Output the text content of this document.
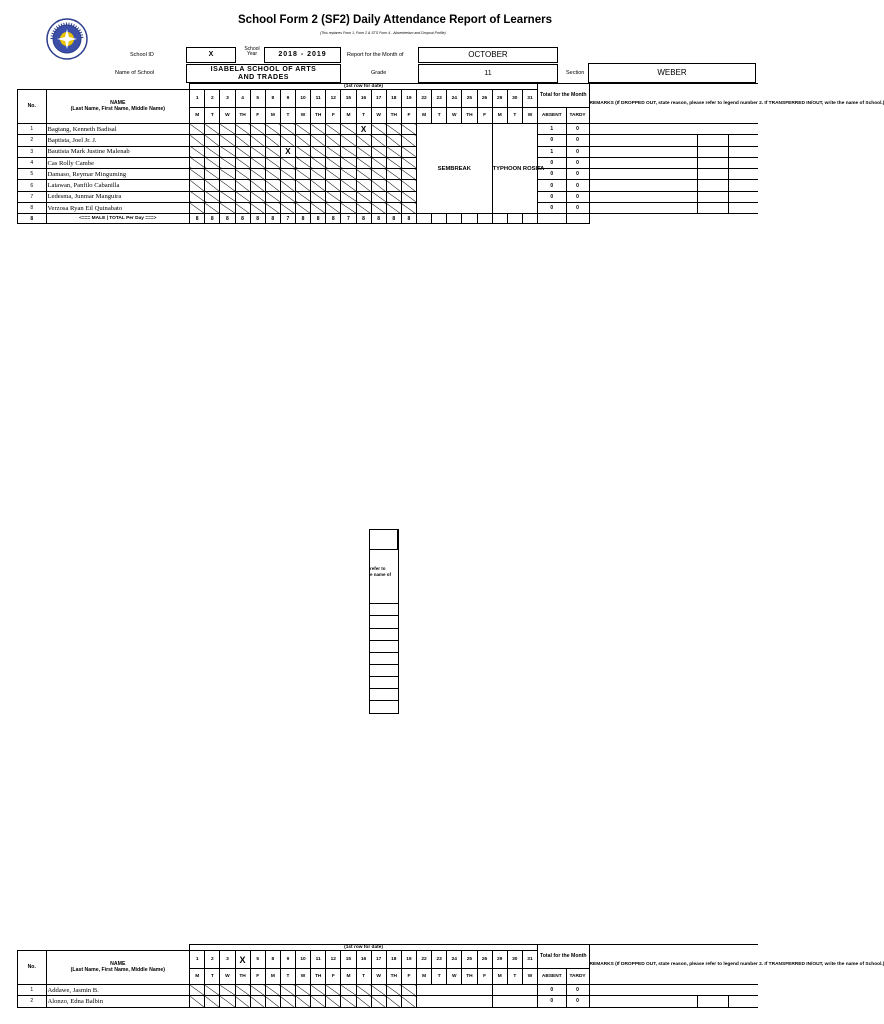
School Form 2 (SF2) Daily Attendance Report of Learners
(This replaces Form 1, Form 2 & STS Form 4 - Absenteeism and Dropout Profile)
School ID	X
School Year	2018 - 2019	Report for the Month of	OCTOBER
Name of School	ISABELA SCHOOL OF ARTS AND TRADES
Grade	11	Section	WEBER
		(1st row for date)																							Total for the Month		REMARKS (If DROPPED OUT, state reason, please refer to legend number 2. If TRANSFERRED IN/OUT, write the name of School.)		
No.	NAME
(Last Name, First Name, Middle Name)	1	2	3	4	5	8	9	10	11	12	15	16	17	18	19	22	23	24	25	26	29	30	31					
		M	T	W	TH	F	M	T	W	TH	F	M	T	W	TH	F	M	T	W	TH	F	M	T	W	ABSENT	TARDY			
1	Bagtang, Kenneth Badisal												X				SEMBREAK					TYPHOON ROSITA			1	0			
2	Baptista, Joel Jr. J.																								0	0			
3	Bautista Mark Justine Malenab							X																	1	0			
4	Cas Rolly Cambe																								0	0			
5	Damaso, Reymar Minguming																								0	0			
6	Latawan, Panfilo Cabanilla																								0	0			
7	Ledesma, Junmar Manguira																								0	0			
8	Verzosa Ryan Eil Quinabato																								0	0			
8	<=== MALE | TOTAL Per Day ===>	8	8	8	8	8	8	7	8	8	8	7	8	8	8	8													
refer to
e name of
		(1st row for date)																							Total for the Month		REMARKS (If DROPPED OUT, state reason, please refer to legend number 2. If TRANSFERRED IN/OUT, write the name of School.)		
No.	NAME
(Last Name, First Name, Middle Name)	1	2	3	X	5	8	9	10	11	12	15	16	17	18	19	22	23	24	25	26	29	30	31					
		M	T	W	TH	F	M	T	W	TH	F	M	T	W	TH	F	M	T	W	TH	F	M	T	W	ABSENT	TARDY			
1	Addawe, Jasmin B.																								0	0			
2	Alonzo, Edna Balbin																								0	0			
